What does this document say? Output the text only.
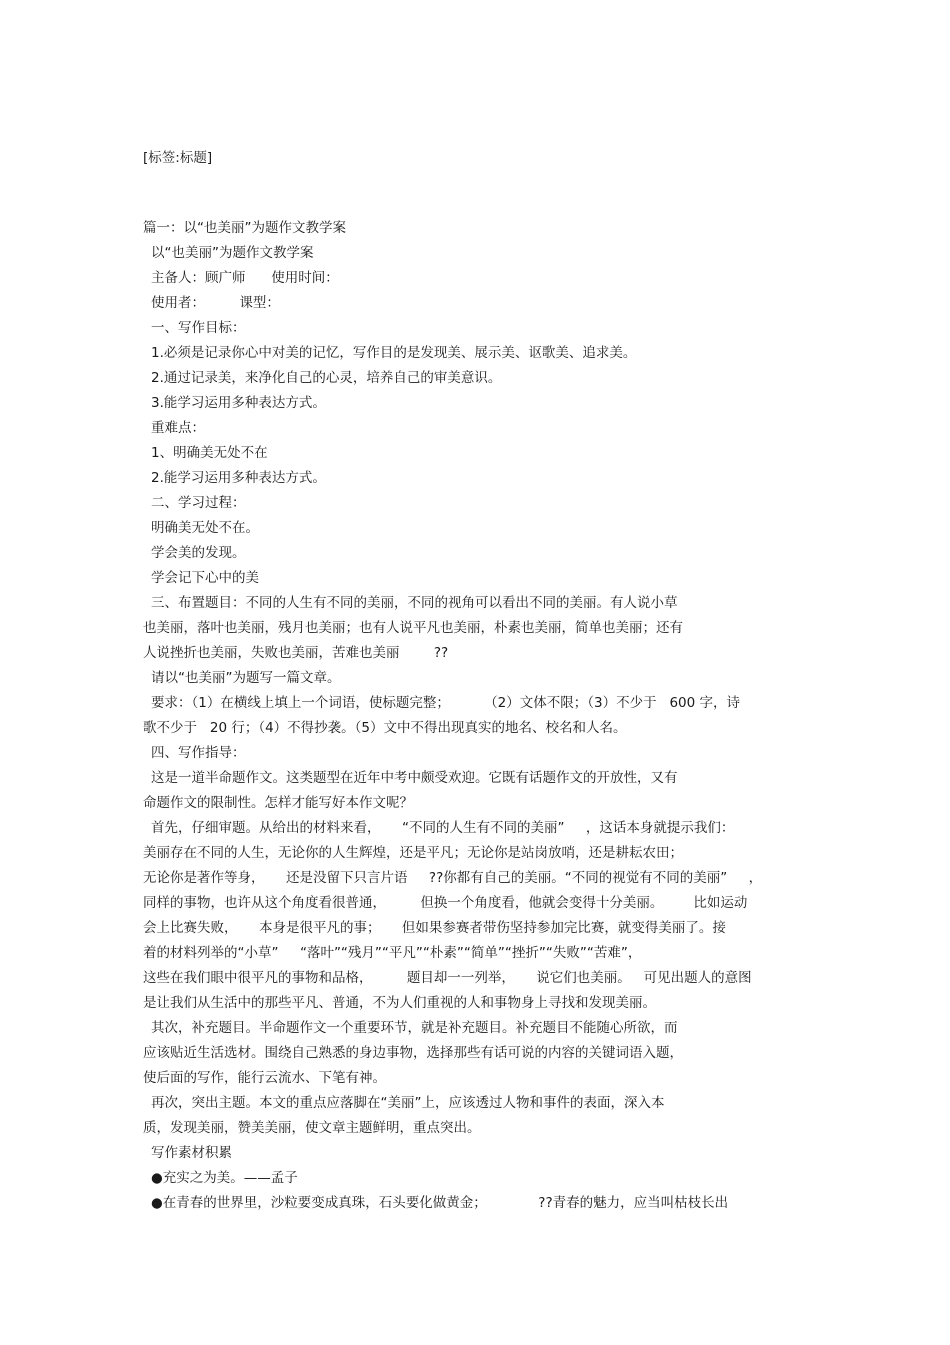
[标签:标题]
篇一：以“也美丽”为题作文教学案
以“也美丽”为题作文教学案
主备人：顾广师      使用时间：
使用者：        课型：
一、写作目标：
1.必须是记录你心中对美的记忆，写作目的是发现美、展示美、讴歌美、追求美。
2.通过记录美，来净化自己的心灵，培养自己的审美意识。
3.能学习运用多种表达方式。
重难点：
1、明确美无处不在
2.能学习运用多种表达方式。
二、学习过程：
明确美无处不在。
学会美的发现。
学会记下心中的美
三、布置题目：不同的人生有不同的美丽，不同的视角可以看出不同的美丽。有人说小草
也美丽，落叶也美丽，残月也美丽；也有人说平凡也美丽，朴素也美丽，简单也美丽；还有
人说挫折也美丽，失败也美丽，苦难也美丽        ??
请以“也美丽”为题写一篇文章。
要求：（1）在横线上填上一个词语，使标题完整；        （2）文体不限；（3）不少于   600 字，诗
歌不少于   20 行；（4）不得抄袭。（5）文中不得出现真实的地名、校名和人名。
四、写作指导：
这是一道半命题作文。这类题型在近年中考中颇受欢迎。它既有话题作文的开放性，又有
命题作文的限制性。怎样才能写好本作文呢？
首先，仔细审题。从给出的材料来看，     “不同的人生有不同的美丽”     ，这话本身就提示我们：
美丽存在不同的人生，无论你的人生辉煌，还是平凡；无论你是站岗放哨，还是耕耘农田；
无论你是著作等身，     还是没留下只言片语     ??你都有自己的美丽。“不同的视觉有不同的美丽”     ，
同样的事物，也许从这个角度看很普通，        但换一个角度看，他就会变得十分美丽。       比如运动
会上比赛失败，     本身是很平凡的事；     但如果参赛者带伤坚持参加完比赛，就变得美丽了。接
着的材料列举的“小草”     “落叶”“残月”“平凡”“朴素”“简单”“挫折”“失败”“苦难”，
这些在我们眼中很平凡的事物和品格，        题目却一一列举，     说它们也美丽。   可见出题人的意图
是让我们从生活中的那些平凡、普通，不为人们重视的人和事物身上寻找和发现美丽。
其次，补充题目。半命题作文一个重要环节，就是补充题目。补充题目不能随心所欲，而
应该贴近生活选材。围绕自己熟悉的身边事物，选择那些有话可说的内容的关键词语入题，
使后面的写作，能行云流水、下笔有神。
再次，突出主题。本文的重点应落脚在“美丽”上，应该透过人物和事件的表面，深入本
质，发现美丽，赞美美丽，使文章主题鲜明，重点突出。
写作素材积累
●充实之为美。——孟子
●在青春的世界里，沙粒要变成真珠，石头要化做黄金；            ??青春的魅力，应当叫枯枝长出
